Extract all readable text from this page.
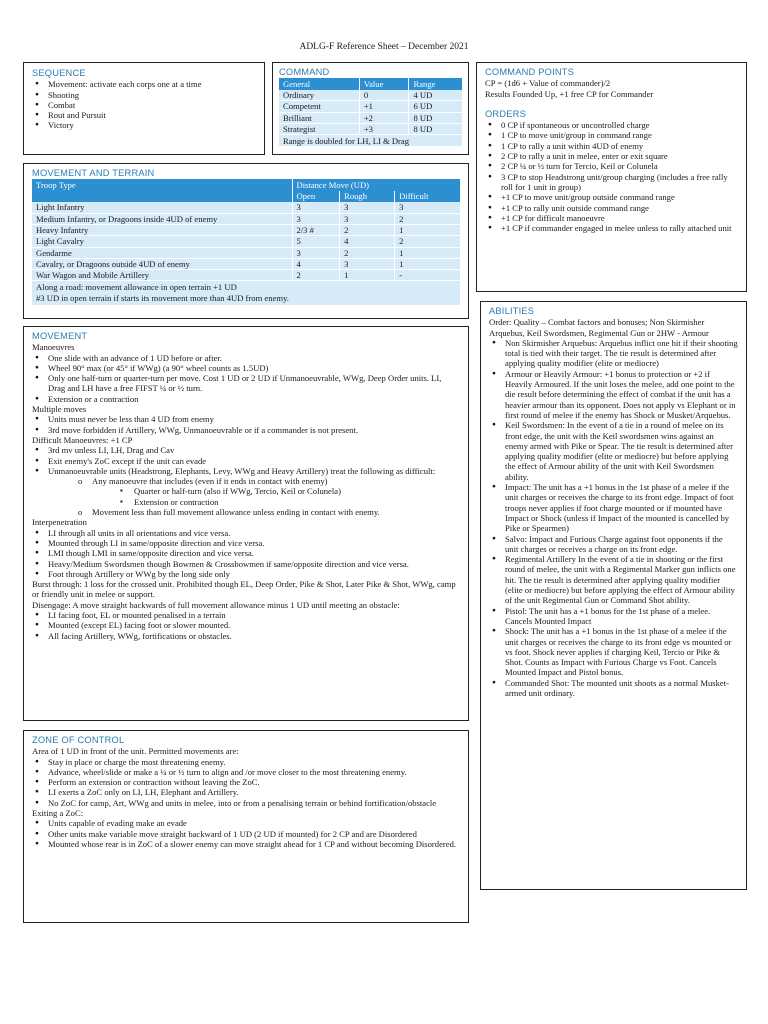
ADLG-F Reference Sheet – December 2021
SEQUENCE
● Movement: activate each corps one at a time
● Shooting
● Combat
● Rout and Pursuit
● Victory
COMMAND
General	Value	Range
Ordinary	0	4 UD
Competent	+1	6 UD
Brilliant	+2	8 UD
Strategist	+3	8 UD
Range is doubled for LH, LI & Drag		
COMMAND POINTS
CP = (1d6 + Value of commander)/2
Results Founded Up, +1 free CP for Commander
ORDERS
● 0 CP if spontaneous or uncontrolled charge
● 1 CP to move unit/group in command range
● 1 CP to rally a unit within 4UD of enemy
● 2 CP to rally a unit in melee, enter or exit square
● 2 CP ¼ or ½ turn for Tercio, Keil or Colunela
● 3 CP to stop Headstrong unit/group charging (includes a free rally roll for 1 unit in group)
● +1 CP to move unit/group outside command range
● +1 CP to rally unit outside command range
● +1 CP for difficult manoeuvre
● +1 CP if commander engaged in melee unless to rally attached unit
MOVEMENT AND TERRAIN
Troop Type	Distance Move (UD)		
	Open	Rough	Difficult
Light Infantry	3	3	3
Medium Infantry, or Dragoons inside 4UD of enemy	3	3	2
Heavy Infantry	2/3 #	2	1
Light Cavalry	5	4	2
Gendarme	3	2	1
Cavalry, or Dragoons outside 4UD of enemy	4	3	1
War Wagon and Mobile Artillery	2	1	-
Along a road: movement allowance in open terrain +1 UD			
#3 UD in open terrain if starts its movement more than 4UD from enemy.			
ABILITIES
Order: Quality – Combat factors and bonuses; Non Skirmisher Arquebus, Keil Swordsmen, Regimental Gun or 2HW - Armour
● Non Skirmisher Arquebus: Arquebus inflict one hit if their shooting total is tied with their target. The tie result is determined after applying quality modifier (elite or mediocre)
● Armour or Heavily Armour: +1 bonus to protection or +2 if Heavily Armoured. If the unit loses the melee, add one point to the die result before determining the effect of combat if the unit has a heavier armour than its opponent. Does not apply vs Elephant or in first round of melee if the enemy has Shock or Musket/Arquebus.
● Keil Swordsmen: In the event of a tie in a round of melee on its front edge, the unit with the Keil swordsmen wins against an enemy armed with Pike or Spear. The tie result is determined after applying quality modifier (elite or mediocre) but before applying the effect of Armour ability of the unit with Keil Swordsmen ability.
● Impact: The unit has a +1 bonus in the 1st phase of a melee if the unit charges or receives the charge to its front edge. Impact of foot troops never applies if foot charge mounted or if mounted have Impact or Shock (unless if Impact of the mounted is cancelled by Pike or Spearmen)
● Salvo: Impact and Furious Charge against foot opponents if the unit charges or receives a charge on its front edge.
● Regimental Artillery In the event of a tie in shooting or the first round of melee, the unit with a Regimental Marker gun inflicts one hit. The tie result is determined after applying quality modifier (elite or mediocre) but before applying the effect of Armour ability of the unit Regimental Gun or Command Shot ability.
● Pistol: The unit has a +1 bonus for the 1st phase of a melee. Cancels Mounted Impact
● Shock: The unit has a +1 bonus in the 1st phase of a melee if the unit charges or receives the charge to its front edge vs mounted or vs foot. Shock never applies if charging Keil, Tercio or Pike & Shot. Counts as Impact with Furious Charge vs Foot. Cancels Mounted Impact and Pistol bonus.
● Commanded Shot: The mounted unit shoots as a normal Musket-armed unit ordinary.
MOVEMENT
Manoeuvres
● One slide with an advance of 1 UD before or after.
● Wheel 90° max (or 45° if WWg) (a 90° wheel counts as 1.5UD)
● Only one half-turn or quarter-turn per move. Cost 1 UD or 2 UD if Unmanoeuvrable, WWg, Deep Order units. LI, Drag and LH have a free FIFST ¼ or ½ turn.
● Extension or a contraction
Multiple moves
● Units must never be less than 4 UD from enemy
● 3rd move forbidden if Artillery, WWg, Unmanoeuvrable or if a commander is not present.
Difficult Manoeuvres: +1 CP
● 3rd mv unless LI, LH, Drag and Cav
● Exit enemy's ZoC except if the unit can evade
● Unmanoeuvrable units (Headstrong, Elephants, Levy, WWg and Heavy Artillery) treat the following as difficult:
o Any manoeuvre that includes (even if it ends in contact with enemy)
▪ Quarter or half-turn (also if WWg, Tercio, Keil or Colunela)
▪ Extension or contraction
o Movement less than full movement allowance unless ending in contact with enemy.
Interpenetration
● LI through all units in all orientations and vice versa.
● Mounted through LI in same/opposite direction and vice versa.
● LMI though LMI in same/opposite direction and vice versa.
● Heavy/Medium Swordsmen though Bowmen & Crossbowmen if same/opposite direction and vice versa.
● Foot through Artillery or WWg by the long side only
Burst through: 1 loss for the crossed unit. Prohibited though EL, Deep Order, Pike & Shot, Later Pike & Shot, WWg, camp or friendly unit in melee or support.
Disengage: A move straight backwards of full movement allowance minus 1 UD until meeting an obstacle:
● LI facing foot, EL or mounted penalised in a terrain
● Mounted (except EL) facing foot or slower mounted.
● All facing Artillery, WWg, fortifications or obstacles.
ZONE OF CONTROL
Area of 1 UD in front of the unit. Permitted movements are:
● Stay in place or charge the most threatening enemy.
● Advance, wheel/slide or make a ¼ or ½ turn to align and /or move closer to the most threatening enemy.
● Perform an extension or contraction without leaving the ZoC.
● LI exerts a ZoC only on LI, LH, Elephant and Artillery.
● No ZoC for camp, Art, WWg and units in melee, into or from a penalising terrain or behind fortification/obstacle
Exiting a ZoC:
● Units capable of evading make an evade
● Other units make variable move straight backward of 1 UD (2 UD if mounted) for 2 CP and are Disordered
● Mounted whose rear is in ZoC of a slower enemy can move straight ahead for 1 CP and without becoming Disordered.
